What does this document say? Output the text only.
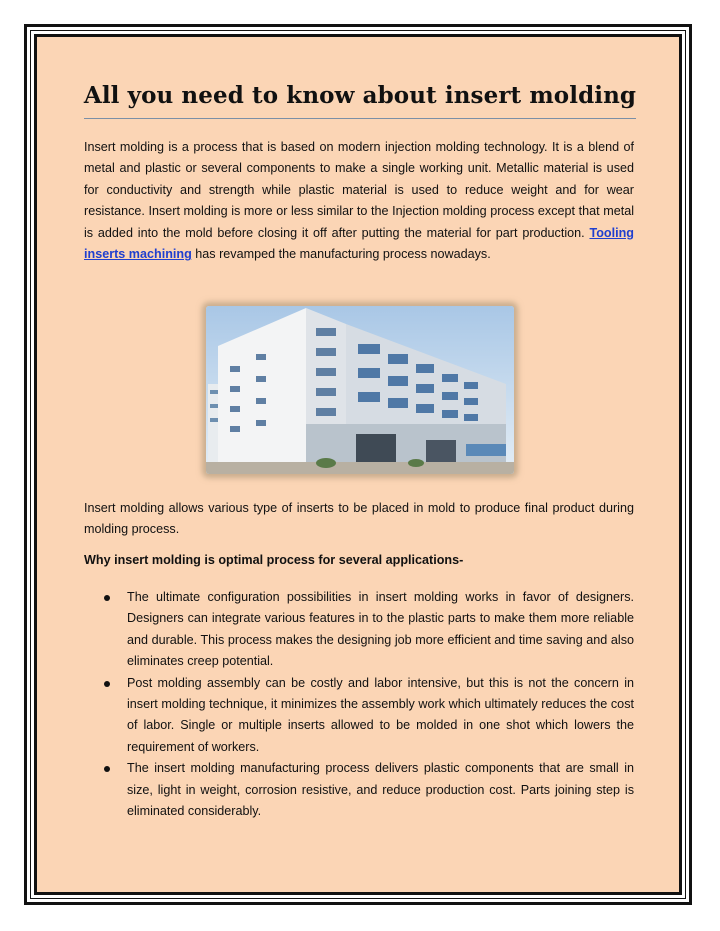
All you need to know about insert molding

Insert molding is a process that is based on modern injection molding technology. It is a blend of metal and plastic or several components to make a single working unit. Metallic material is used for conductivity and strength while plastic material is used to reduce weight and for wear resistance. Insert molding is more or less similar to the Injection molding process except that metal is added into the mold before closing it off after putting the material for part production. Tooling inserts machining has revamped the manufacturing process nowadays.

Insert molding allows various type of inserts to be placed in mold to produce final product during molding process.

Why insert molding is optimal process for several applications-

The ultimate configuration possibilities in insert molding works in favor of designers. Designers can integrate various features in to the plastic parts to make them more reliable and durable. This process makes the designing job more efficient and time saving and also eliminates creep potential.
Post molding assembly can be costly and labor intensive, but this is not the concern in insert molding technique, it minimizes the assembly work which ultimately reduces the cost of labor. Single or multiple inserts allowed to be molded in one shot which lowers the requirement of workers.
The insert molding manufacturing process delivers plastic components that are small in size, light in weight, corrosion resistive, and reduce production cost. Parts joining step is eliminated considerably.
